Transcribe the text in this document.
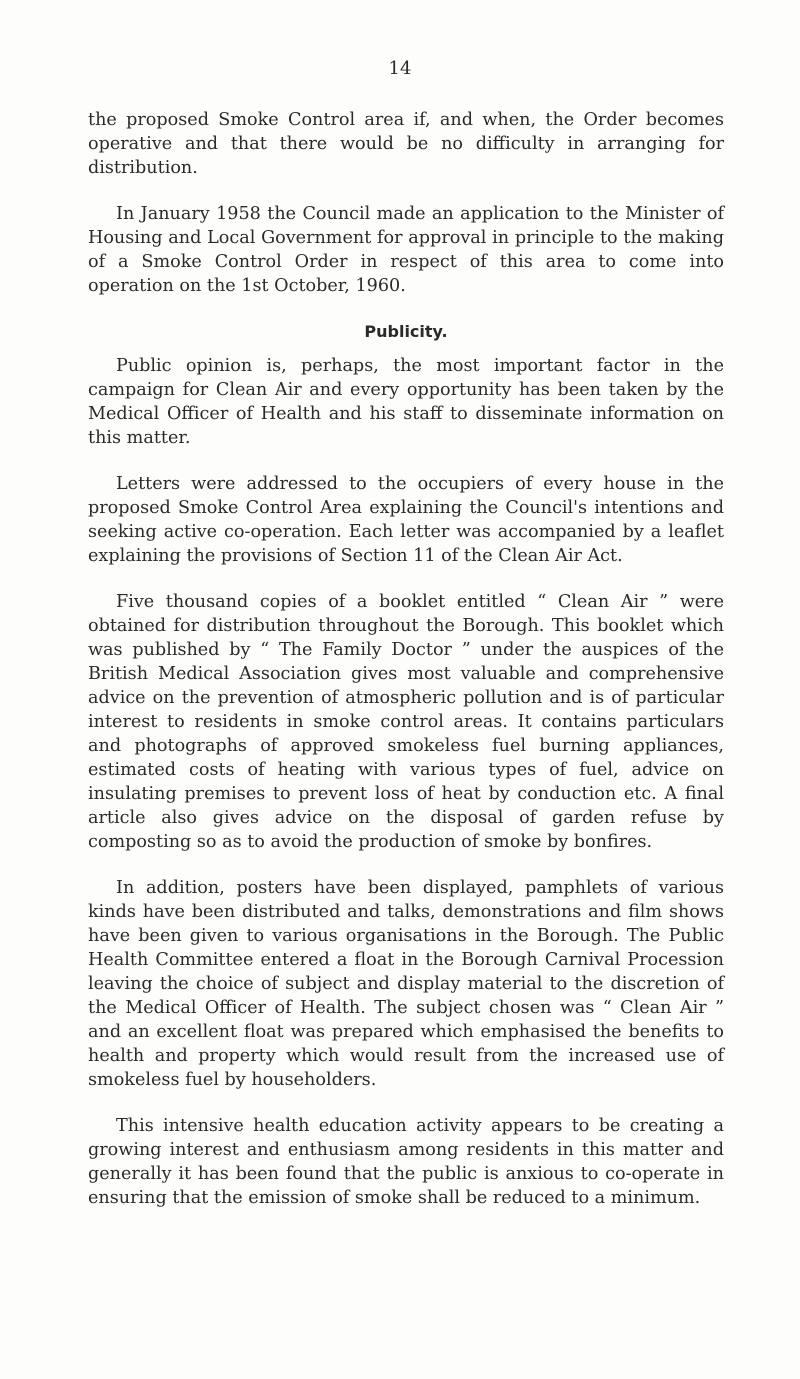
14

the proposed Smoke Control area if, and when, the Order becomes operative and that there would be no difficulty in arranging for distribution.

In January 1958 the Council made an application to the Minister of Housing and Local Government for approval in principle to the making of a Smoke Control Order in respect of this area to come into operation on the 1st October, 1960.

Publicity.

Public opinion is, perhaps, the most important factor in the campaign for Clean Air and every opportunity has been taken by the Medical Officer of Health and his staff to disseminate information on this matter.

Letters were addressed to the occupiers of every house in the proposed Smoke Control Area explaining the Council's intentions and seeking active co-operation. Each letter was accompanied by a leaflet explaining the provisions of Section 11 of the Clean Air Act.

Five thousand copies of a booklet entitled “ Clean Air ” were obtained for distribution throughout the Borough. This booklet which was published by “ The Family Doctor ” under the auspices of the British Medical Association gives most valuable and comprehensive advice on the prevention of atmospheric pollution and is of particular interest to residents in smoke control areas. It contains particulars and photographs of approved smokeless fuel burning appliances, estimated costs of heating with various types of fuel, advice on insulating premises to prevent loss of heat by conduction etc. A final article also gives advice on the disposal of garden refuse by composting so as to avoid the production of smoke by bonfires.

In addition, posters have been displayed, pamphlets of various kinds have been distributed and talks, demonstrations and film shows have been given to various organisations in the Borough. The Public Health Committee entered a float in the Borough Carnival Procession leaving the choice of subject and display material to the discretion of the Medical Officer of Health. The subject chosen was “ Clean Air ” and an excellent float was prepared which emphasised the benefits to health and property which would result from the increased use of smokeless fuel by householders.

This intensive health education activity appears to be creating a growing interest and enthusiasm among residents in this matter and generally it has been found that the public is anxious to co-operate in ensuring that the emission of smoke shall be reduced to a minimum.
